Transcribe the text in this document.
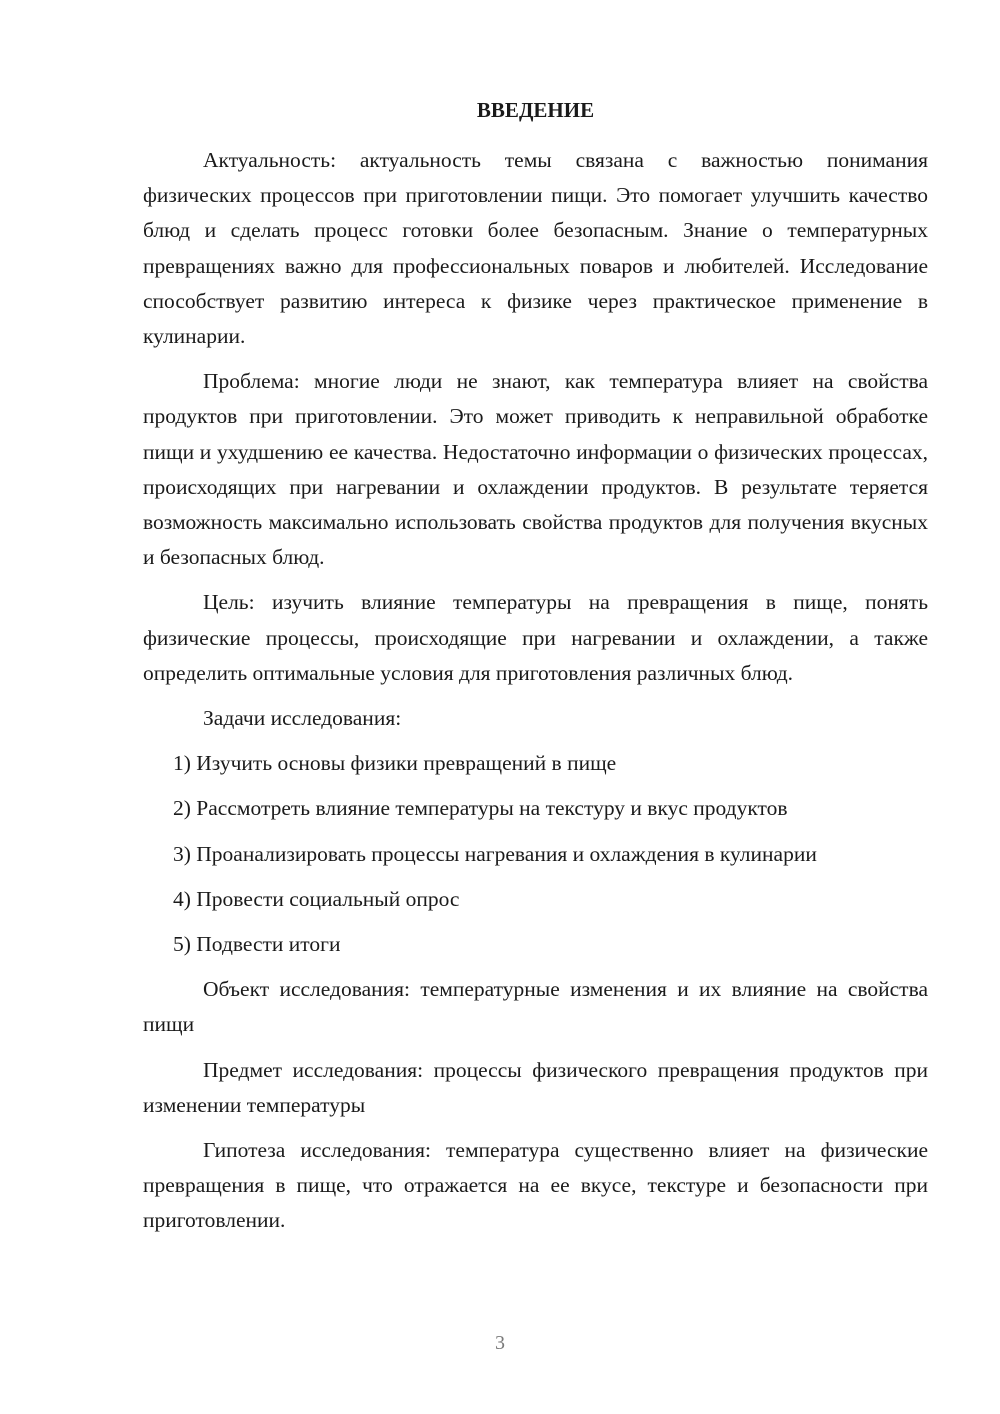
ВВЕДЕНИЕ

Актуальность: актуальность темы связана с важностью понимания физических процессов при приготовлении пищи. Это помогает улучшить качество блюд и сделать процесс готовки более безопасным. Знание о температурных превращениях важно для профессиональных поваров и любителей. Исследование способствует развитию интереса к физике через практическое применение в кулинарии.

Проблема: многие люди не знают, как температура влияет на свойства продуктов при приготовлении. Это может приводить к неправильной обработке пищи и ухудшению ее качества. Недостаточно информации о физических процессах, происходящих при нагревании и охлаждении продуктов. В результате теряется возможность максимально использовать свойства продуктов для получения вкусных и безопасных блюд.

Цель: изучить влияние температуры на превращения в пище, понять физические процессы, происходящие при нагревании и охлаждении, а также определить оптимальные условия для приготовления различных блюд.

Задачи исследования:
1) Изучить основы физики превращений в пище
2) Рассмотреть влияние температуры на текстуру и вкус продуктов
3) Проанализировать процессы нагревания и охлаждения в кулинарии
4) Провести социальный опрос
5) Подвести итоги

Объект исследования: температурные изменения и их влияние на свойства пищи

Предмет исследования: процессы физического превращения продуктов при изменении температуры

Гипотеза исследования: температура существенно влияет на физические превращения в пище, что отражается на ее вкусе, текстуре и безопасности при приготовлении.

3
